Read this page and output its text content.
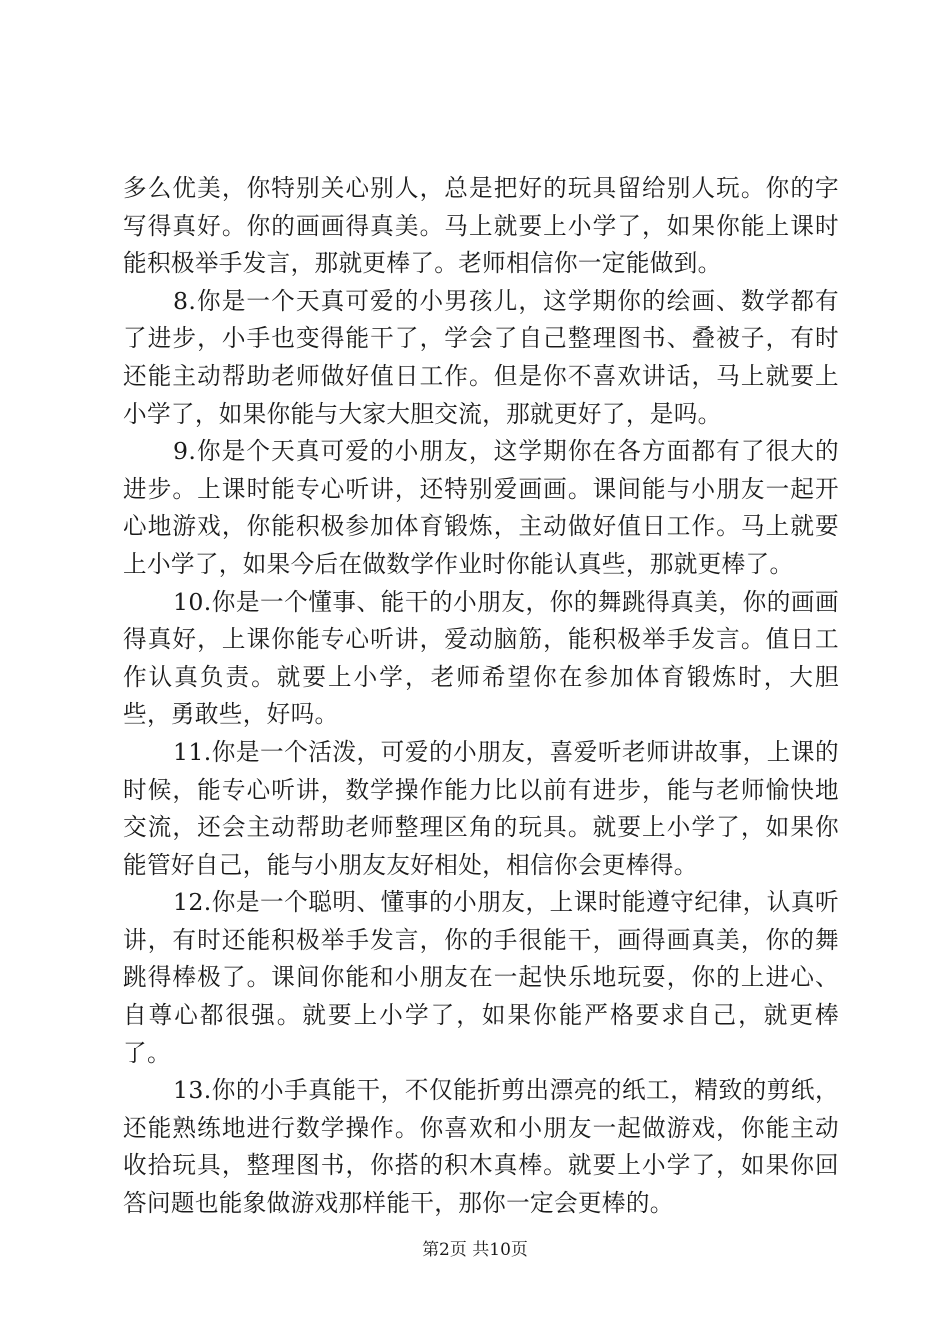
多么优美，你特别关心别人，总是把好的玩具留给别人玩。你的字写得真好。你的画画得真美。马上就要上小学了，如果你能上课时能积极举手发言，那就更棒了。老师相信你一定能做到。

8.你是一个天真可爱的小男孩儿，这学期你的绘画、数学都有了进步，小手也变得能干了，学会了自己整理图书、叠被子，有时还能主动帮助老师做好值日工作。但是你不喜欢讲话，马上就要上小学了，如果你能与大家大胆交流，那就更好了，是吗。

9.你是个天真可爱的小朋友，这学期你在各方面都有了很大的进步。上课时能专心听讲，还特别爱画画。课间能与小朋友一起开心地游戏，你能积极参加体育锻炼，主动做好值日工作。马上就要上小学了，如果今后在做数学作业时你能认真些，那就更棒了。

10.你是一个懂事、能干的小朋友，你的舞跳得真美，你的画画得真好，上课你能专心听讲，爱动脑筋，能积极举手发言。值日工作认真负责。就要上小学，老师希望你在参加体育锻炼时，大胆些，勇敢些，好吗。

11.你是一个活泼，可爱的小朋友，喜爱听老师讲故事，上课的时候，能专心听讲，数学操作能力比以前有进步，能与老师愉快地交流，还会主动帮助老师整理区角的玩具。就要上小学了，如果你能管好自己，能与小朋友友好相处，相信你会更棒得。

12.你是一个聪明、懂事的小朋友，上课时能遵守纪律，认真听讲，有时还能积极举手发言，你的手很能干，画得画真美，你的舞跳得棒极了。课间你能和小朋友在一起快乐地玩耍，你的上进心、自尊心都很强。就要上小学了，如果你能严格要求自己，就更棒了。

13.你的小手真能干，不仅能折剪出漂亮的纸工，精致的剪纸，还能熟练地进行数学操作。你喜欢和小朋友一起做游戏，你能主动收拾玩具，整理图书，你搭的积木真棒。就要上小学了，如果你回答问题也能象做游戏那样能干，那你一定会更棒的。

第2页 共10页
